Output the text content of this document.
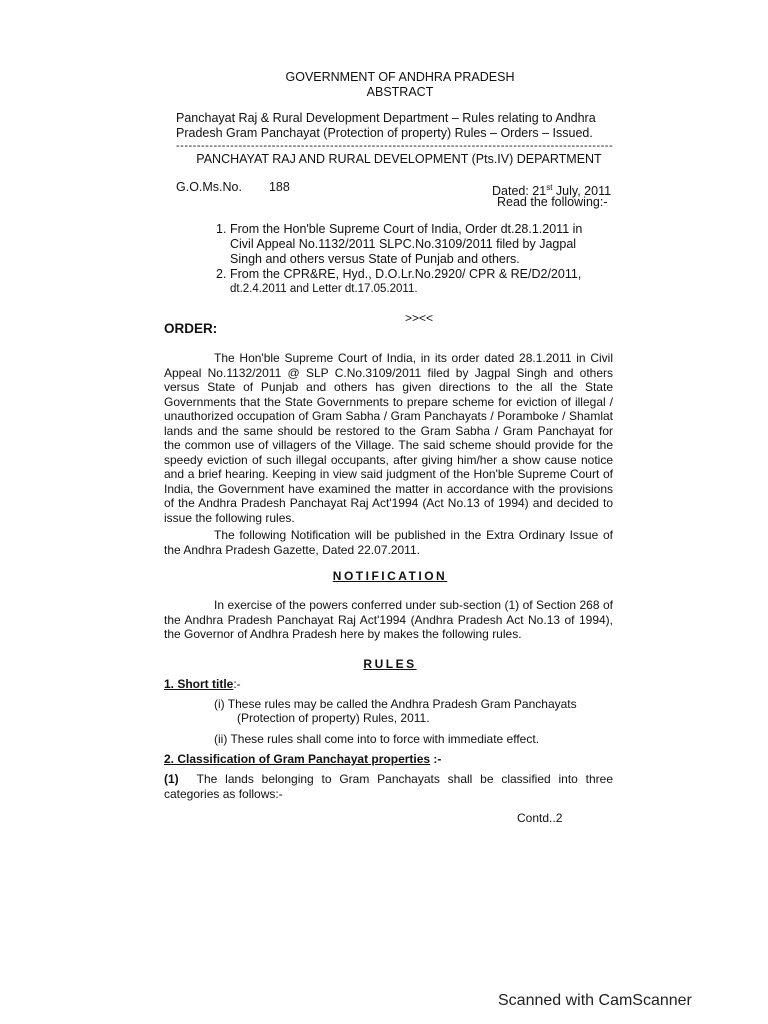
GOVERNMENT OF ANDHRA PRADESH
ABSTRACT
Panchayat Raj & Rural Development Department – Rules relating to Andhra
Pradesh Gram Panchayat (Protection of property) Rules – Orders – Issued.
---------------------------------------------------------------------------------------------------------
PANCHAYAT RAJ AND RURAL DEVELOPMENT (Pts.IV) DEPARTMENT
G.O.Ms.No. 188	Dated: 21st July, 2011
Read the following:-
1. From the Hon'ble Supreme Court of India, Order dt.28.1.2011 in
Civil Appeal No.1132/2011 SLPC.No.3109/2011 filed by Jagpal
Singh and others versus State of Punjab and others.
2. From the CPR&RE, Hyd., D.O.Lr.No.2920/ CPR & RE/D2/2011,
dt.2.4.2011 and Letter dt.17.05.2011.
>><<
ORDER:
The Hon'ble Supreme Court of India, in its order dated 28.1.2011 in Civil Appeal No.1132/2011 @ SLP C.No.3109/2011 filed by Jagpal Singh and others versus State of Punjab and others has given directions to the all the State Governments that the State Governments to prepare scheme for eviction of illegal / unauthorized occupation of Gram Sabha / Gram Panchayats / Poramboke / Shamlat lands and the same should be restored to the Gram Sabha / Gram Panchayat for the common use of villagers of the Village. The said scheme should provide for the speedy eviction of such illegal occupants, after giving him/her a show cause notice and a brief hearing. Keeping in view said judgment of the Hon'ble Supreme Court of India, the Government have examined the matter in accordance with the provisions of the Andhra Pradesh Panchayat Raj Act'1994 (Act No.13 of 1994) and decided to issue the following rules.
The following Notification will be published in the Extra Ordinary Issue of the Andhra Pradesh Gazette, Dated 22.07.2011.
NOTIFICATION
In exercise of the powers conferred under sub-section (1) of Section 268 of the Andhra Pradesh Panchayat Raj Act'1994 (Andhra Pradesh Act No.13 of 1994), the Governor of Andhra Pradesh here by makes the following rules.
RULES
1. Short title:-
(i) These rules may be called the Andhra Pradesh Gram Panchayats
(Protection of property) Rules, 2011.
(ii) These rules shall come into to force with immediate effect.
2. Classification of Gram Panchayat properties :-
(1) The lands belonging to Gram Panchayats shall be classified into three
categories as follows:-
Contd..2
Scanned with CamScanner
